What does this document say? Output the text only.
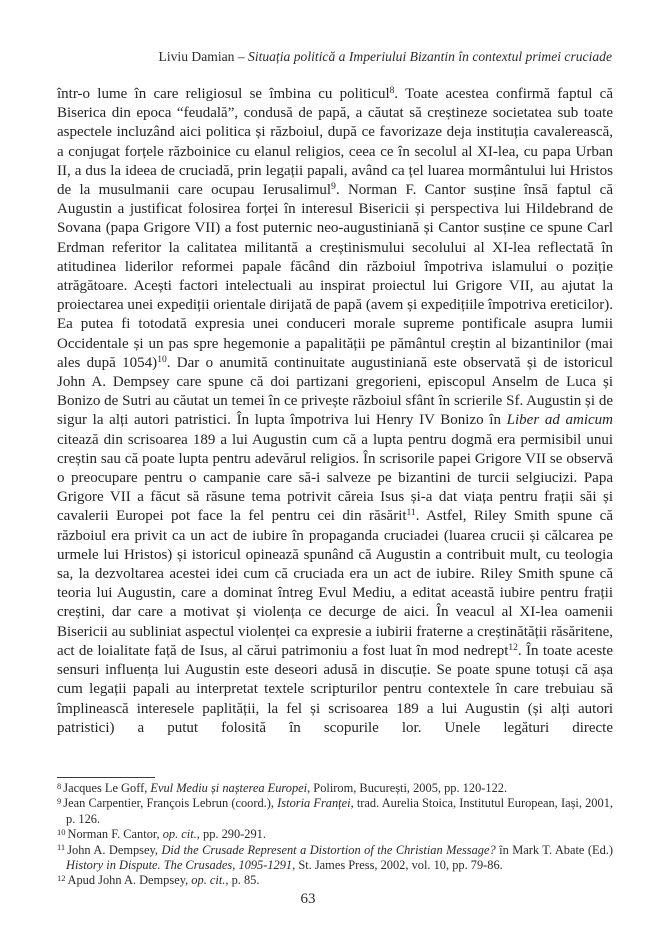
Liviu Damian – Situația politică a Imperiului Bizantin în contextul primei cruciade
într-o lume în care religiosul se îmbina cu politicul$^8$. Toate acestea confirmă faptul că Biserica din epoca “feudală”, condusă de papă, a căutat să creștineze societatea sub toate aspectele incluzând aici politica și războiul, după ce favorizaze deja instituția cavalerească, a conjugat forțele războinice cu elanul religios, ceea ce în secolul al XI-lea, cu papa Urban II, a dus la ideea de cruciadă, prin legații papali, având ca țel luarea mormântului lui Hristos de la musulmanii care ocupau Ierusalimul$^9$. Norman F. Cantor susține însă faptul că Augustin a justificat folosirea forței în interesul Bisericii și perspectiva lui Hildebrand de Sovana (papa Grigore VII) a fost puternic neo-augustiniană și Cantor susține ce spune Carl Erdman referitor la calitatea militantă a creștinismului secolului al XI-lea reflectată în atitudinea liderilor reformei papale făcând din războiul împotriva islamului o poziție atrăgătoare. Acești factori intelectuali au inspirat proiectul lui Grigore VII, au ajutat la proiectarea unei expediții orientale dirijată de papă (avem și expedițiile împotriva ereticilor). Ea putea fi totodată expresia unei conduceri morale supreme pontificale asupra lumii Occidentale și un pas spre hegemonie a papalității pe pământul creștin al bizantinilor (mai ales după 1054)$^{10}$. Dar o anumită continuitate augustiniană este observată și de istoricul John A. Dempsey care spune că doi partizani gregorieni, episcopul Anselm de Luca și Bonizo de Sutri au căutat un temei în ce privește războiul sfânt în scrierile Sf. Augustin și de sigur la alți autori patristici. În lupta împotriva lui Henry IV Bonizo în Liber ad amicum citează din scrisoarea 189 a lui Augustin cum că a lupta pentru dogmă era permisibil unui creștin sau că poate lupta pentru adevărul religios. În scrisorile papei Grigore VII se observă o preocupare pentru o campanie care să-i salveze pe bizantini de turcii selgiucizi. Papa Grigore VII a făcut să răsune tema potrivit căreia Isus și-a dat viața pentru frații săi și cavalerii Europei pot face la fel pentru cei din răsărit$^{11}$. Astfel, Riley Smith spune că războiul era privit ca un act de iubire în propaganda cruciadei (luarea crucii și călcarea pe urmele lui Hristos) și istoricul opinează spunând că Augustin a contribuit mult, cu teologia sa, la dezvoltarea acestei idei cum că cruciada era un act de iubire. Riley Smith spune că teoria lui Augustin, care a dominat întreg Evul Mediu, a editat această iubire pentru frații creștini, dar care a motivat și violența ce decurge de aici. În veacul al XI-lea oamenii Bisericii au subliniat aspectul violenței ca expresie a iubirii fraterne a creștinătății răsăritene, act de loialitate față de Isus, al cărui patrimoniu a fost luat în mod nedrept$^{12}$. În toate aceste sensuri influența lui Augustin este deseori adusă in discuție. Se poate spune totuși că așa cum legații papali au interpretat textele scripturilor pentru contextele în care trebuiau să împlinească interesele paplității, la fel și scrisoarea 189 a lui Augustin (și alți autori patristici) a putut folosită în scopurile lor. Unele legături directe
$^8$ Jacques Le Goff, Evul Mediu și nașterea Europei, Polirom, București, 2005, pp. 120-122.
$^9$ Jean Carpentier, François Lebrun (coord.), Istoria Franței, trad. Aurelia Stoica, Institutul European, Iași, 2001, p. 126.
$^{10}$ Norman F. Cantor, op. cit., pp. 290-291.
$^{11}$ John A. Dempsey, Did the Crusade Represent a Distortion of the Christian Message? în Mark T. Abate (Ed.) History in Dispute. The Crusades, 1095-1291, St. James Press, 2002, vol. 10, pp. 79-86.
$^{12}$ Apud John A. Dempsey, op. cit., p. 85.
63
